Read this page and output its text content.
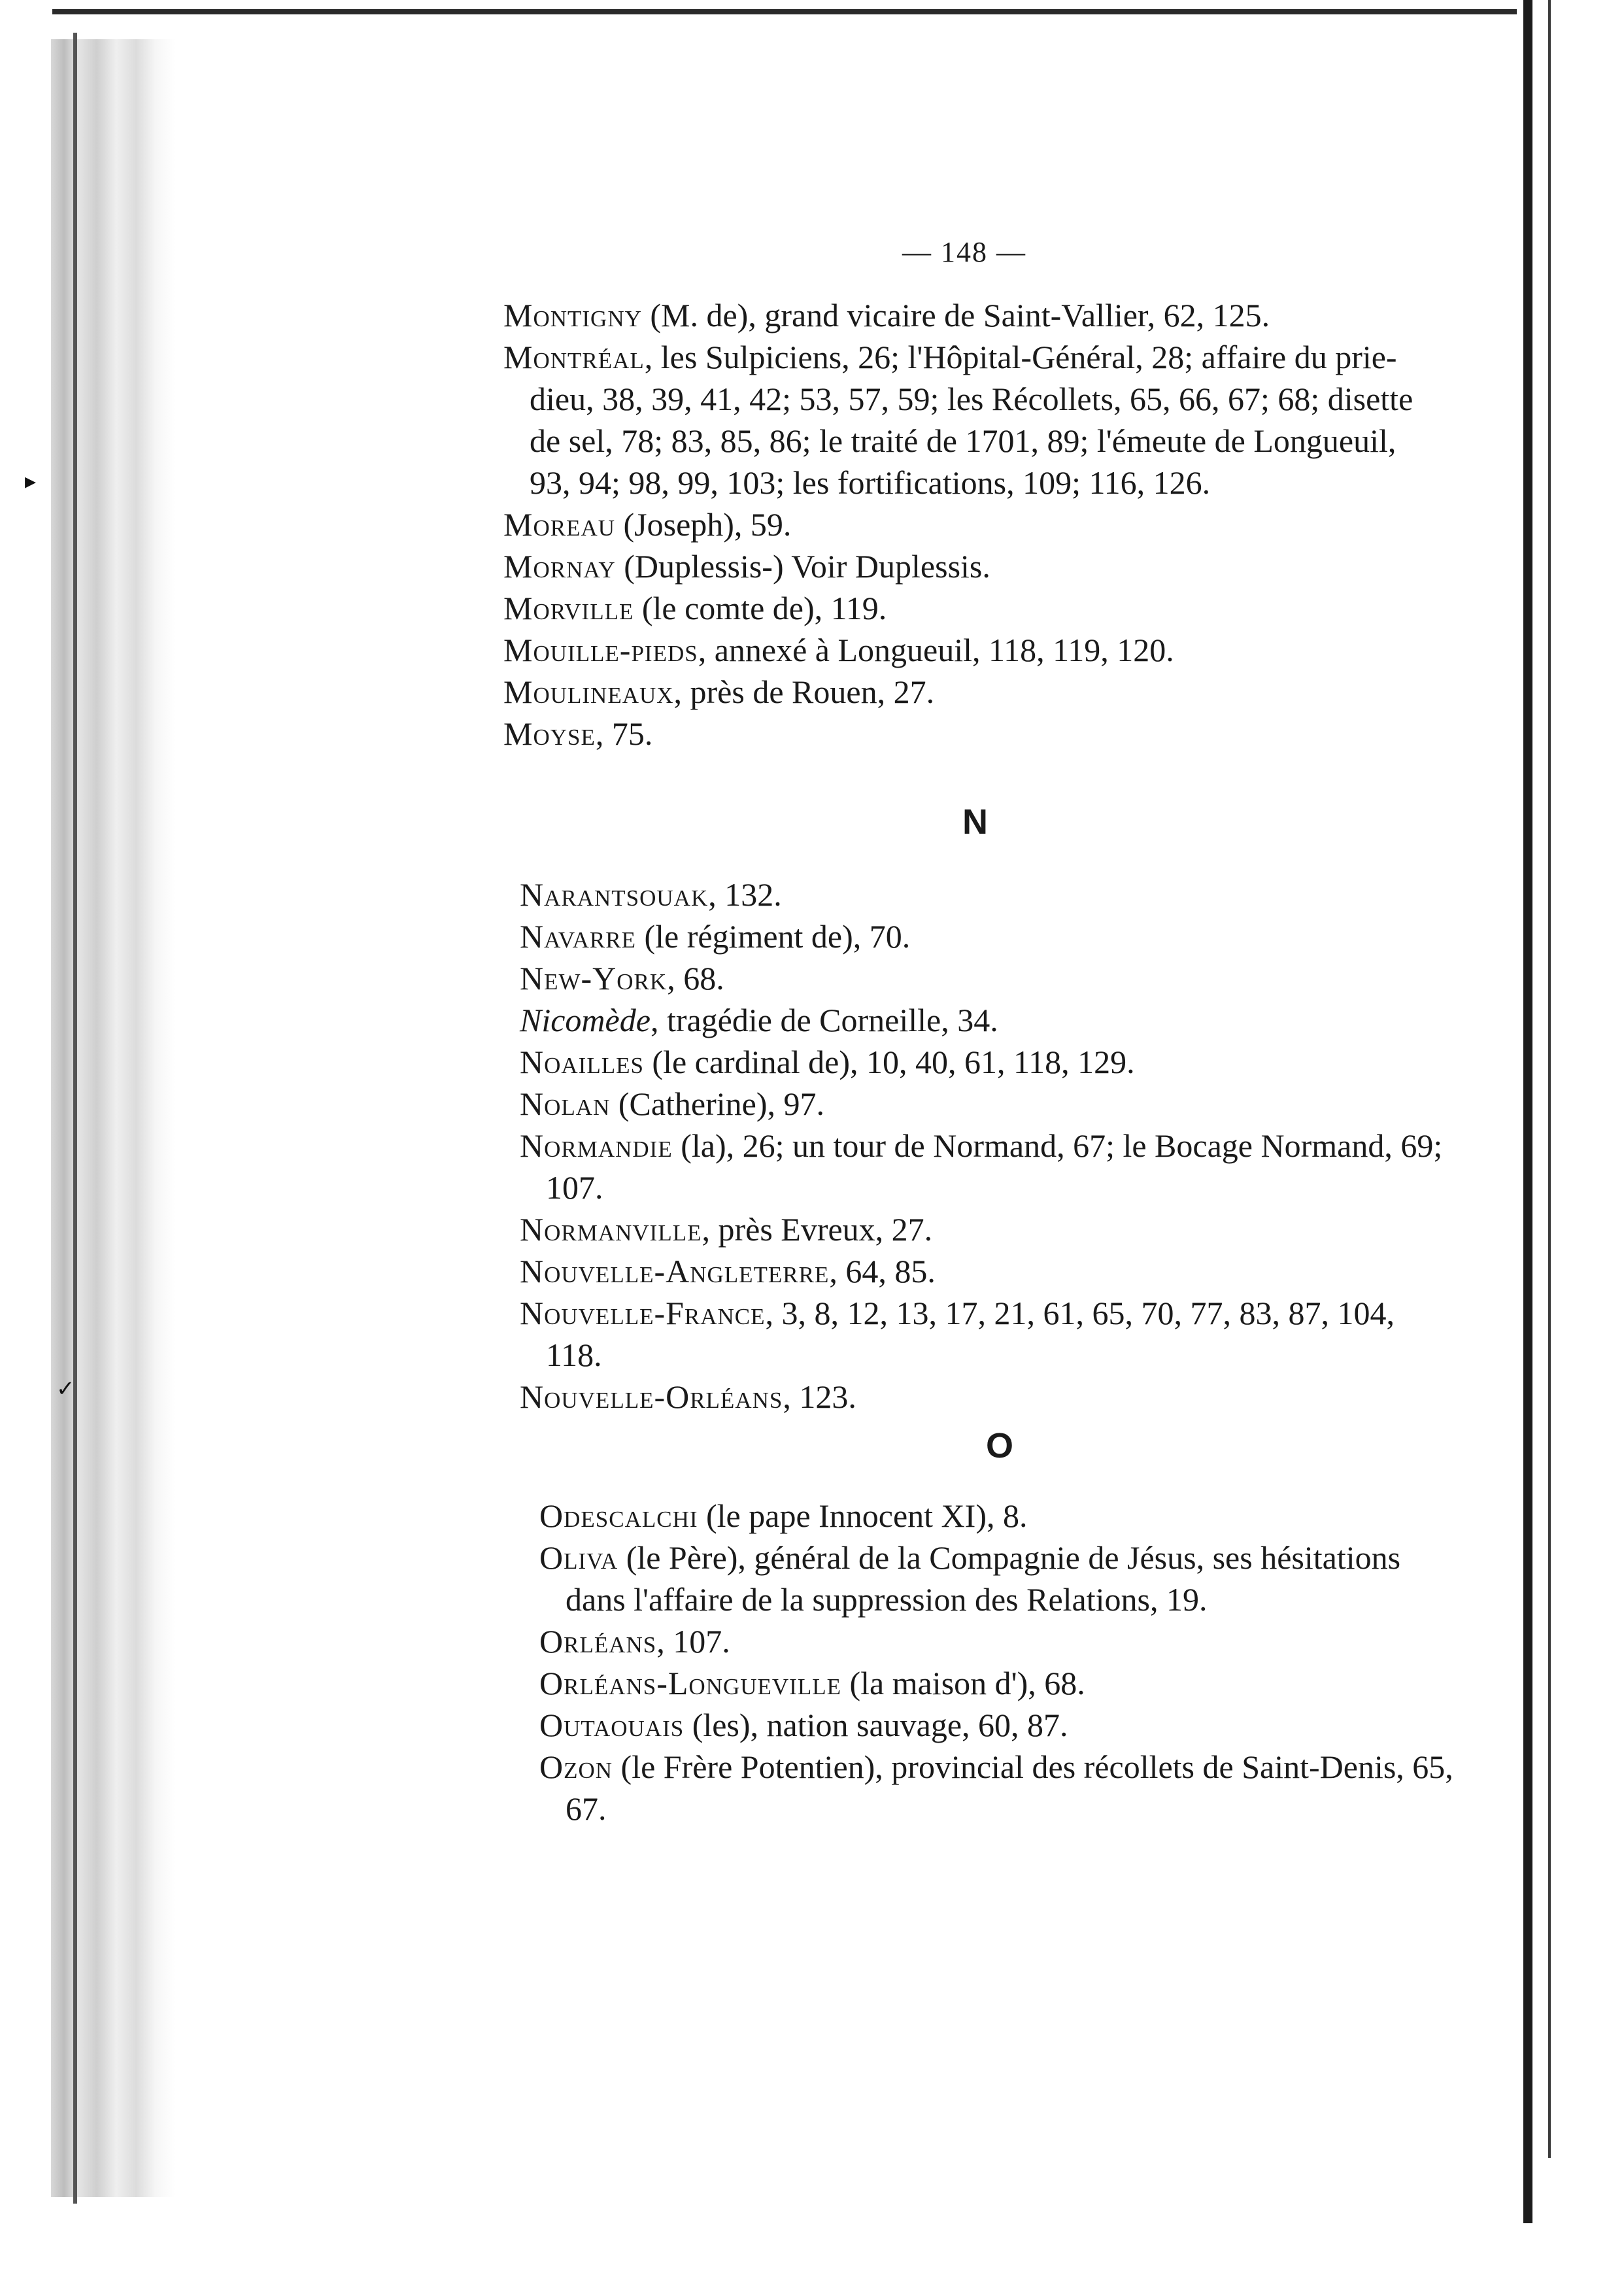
▸
✓
— 148 —

Montigny (M. de), grand vicaire de Saint-Vallier, 62, 125.

Montréal, les Sulpiciens, 26; l'Hôpital-Général, 28; affaire du prie-dieu, 38, 39, 41, 42; 53, 57, 59; les Récollets, 65, 66, 67; 68; disette de sel, 78; 83, 85, 86; le traité de 1701, 89; l'émeute de Longueuil, 93, 94; 98, 99, 103; les fortifications, 109; 116, 126.

Moreau (Joseph), 59.

Mornay (Duplessis-) Voir Duplessis.

Morville (le comte de), 119.

Mouille-pieds, annexé à Longueuil, 118, 119, 120.

Moulineaux, près de Rouen, 27.

Moyse, 75.

N

Narantsouak, 132.

Navarre (le régiment de), 70.

New-York, 68.

Nicomède, tragédie de Corneille, 34.

Noailles (le cardinal de), 10, 40, 61, 118, 129.

Nolan (Catherine), 97.

Normandie (la), 26; un tour de Normand, 67; le Bocage Normand, 69; 107.

Normanville, près Evreux, 27.

Nouvelle-Angleterre, 64, 85.

Nouvelle-France, 3, 8, 12, 13, 17, 21, 61, 65, 70, 77, 83, 87, 104, 118.

Nouvelle-Orléans, 123.

O

Odescalchi (le pape Innocent XI), 8.

Oliva (le Père), général de la Compagnie de Jésus, ses hésitations dans l'affaire de la suppression des Relations, 19.

Orléans, 107.

Orléans-Longueville (la maison d'), 68.

Outaouais (les), nation sauvage, 60, 87.

Ozon (le Frère Potentien), provincial des récollets de Saint-Denis, 65, 67.
